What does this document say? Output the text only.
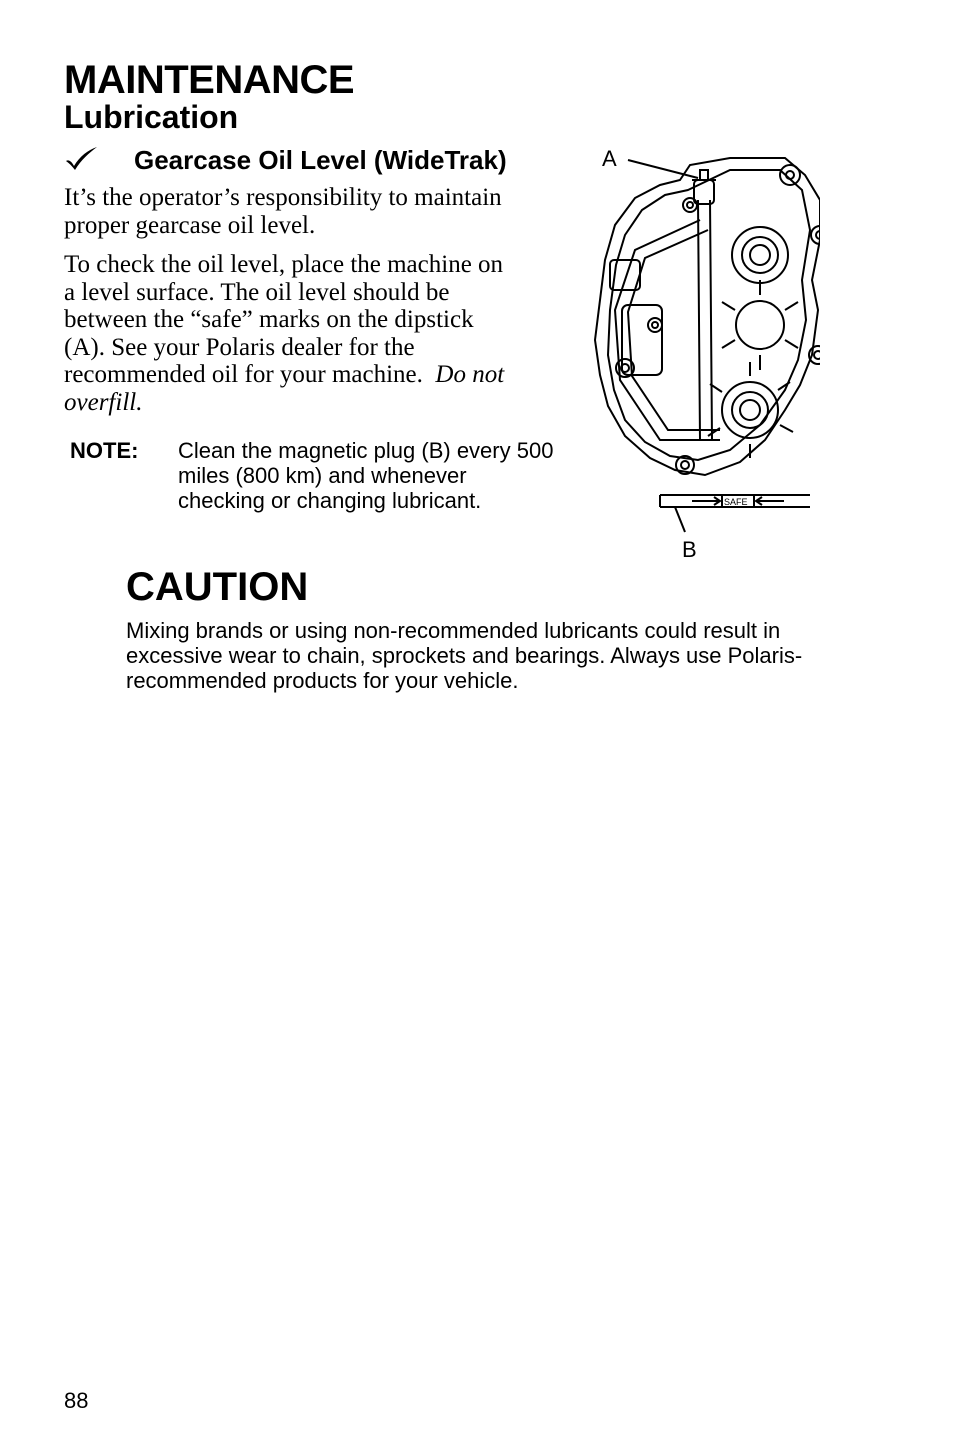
MAINTENANCE
Lubrication
Gearcase Oil Level (WideTrak)

It’s the operator’s responsibility to maintain proper gearcase oil level.

To check the oil level, place the machine on a level surface. The oil level should be between the “safe” marks on the dipstick (A). See your Polaris dealer for the recommended oil for your machine. Do not overfill.

NOTE: Clean the magnetic plug (B) every 500 miles (800 km) and whenever checking or changing lubricant.

A
SAFE
B
CAUTION

Mixing brands or using non-recommended lubricants could result in excessive wear to chain, sprockets and bearings. Always use Polaris-recommended products for your vehicle.

88
